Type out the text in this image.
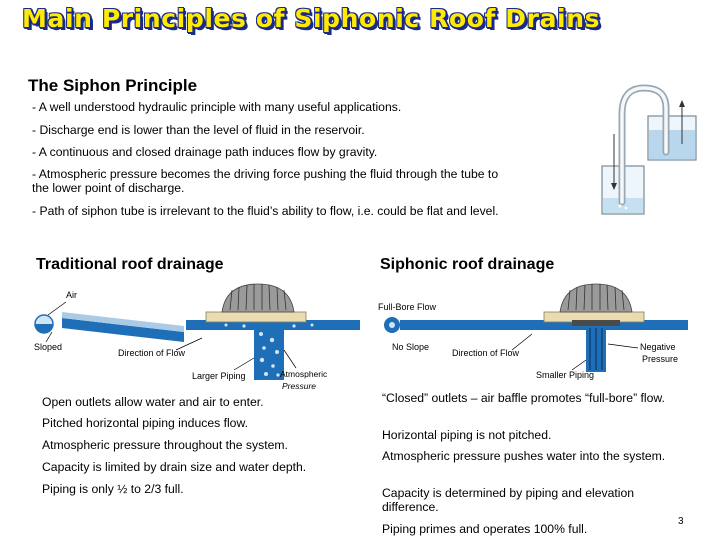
Main Principles of Siphonic Roof Drains
The Siphon Principle
- A well understood hydraulic principle with many useful applications.
- Discharge end is lower than the level of fluid in the reservoir.
- A continuous and closed drainage path induces flow by gravity.
- Atmospheric pressure becomes the driving force pushing the fluid through the tube to
the lower point of discharge.
- Path of siphon tube is irrelevant to the fluid’s ability to flow, i.e. could be flat and level.
Traditional roof drainage	Siphonic roof drainage
Air
Sloped
Direction of Flow
Larger Piping	Atmospheric
Pressure
Full-Bore Flow
No Slope
Direction of Flow
Smaller Piping
Negative
Pressure
Open outlets allow water and air to enter.
Pitched horizontal piping induces flow.
Atmospheric pressure throughout the system.
Capacity is limited by drain size and water depth.
Piping is only ½ to 2/3 full.
“Closed” outlets – air baffle promotes “full-bore” flow.
Horizontal piping is not pitched.
Atmospheric pressure pushes water into the system.
Capacity is determined by piping and elevation difference.
Piping primes and operates 100% full.
3
